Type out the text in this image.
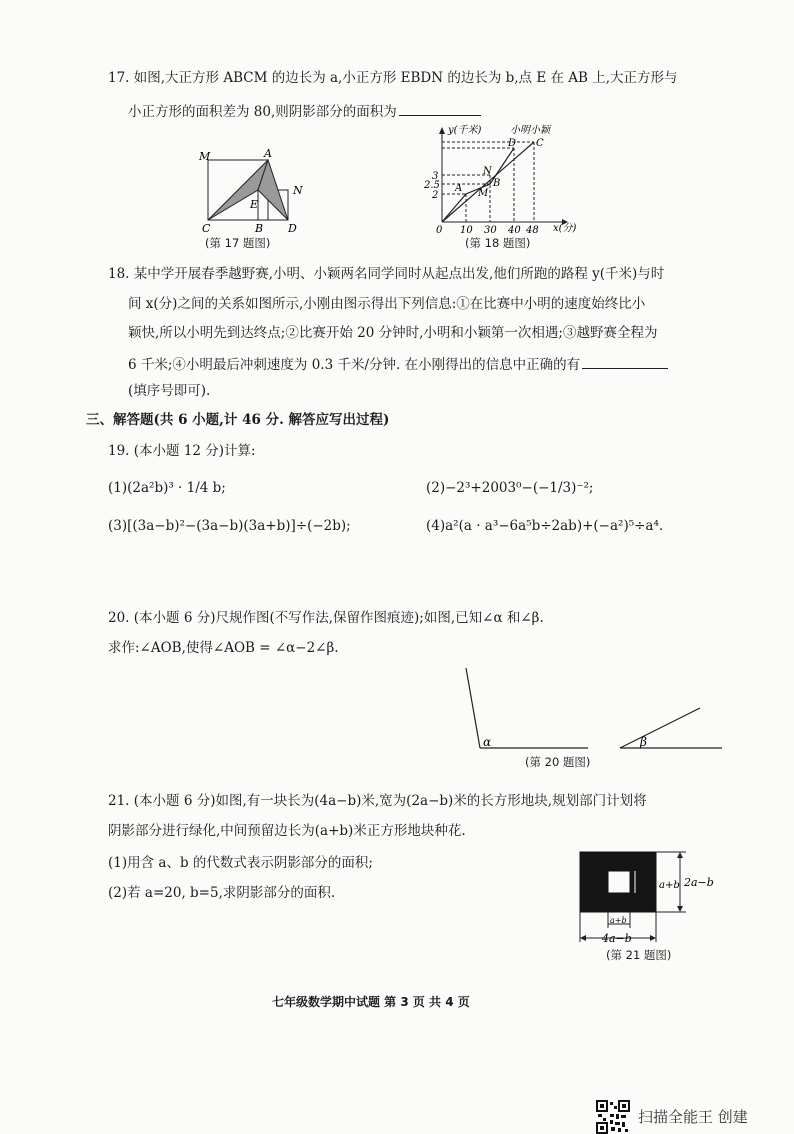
17. 如图,大正方形 ABCM 的边长为 a,小正方形 EBDN 的边长为 b,点 E 在 AB 上,大正方形与
小正方形的面积差为 80,则阴影部分的面积为
M	A
N
E
C	B D
(第 17 题图)
y(千米)	小明小颖
x(分)
0 10 30 40 48
3
2.5
2
A M
N
B
D C
(第 18 题图)
18. 某中学开展春季越野赛,小明、小颖两名同学同时从起点出发,他们所跑的路程 y(千米)与时
间 x(分)之间的关系如图所示,小刚由图示得出下列信息:①在比赛中小明的速度始终比小
颖快,所以小明先到达终点;②比赛开始 20 分钟时,小明和小颖第一次相遇;③越野赛全程为
6 千米;④小明最后冲刺速度为 0.3 千米/分钟. 在小刚得出的信息中正确的有
(填序号即可).
三、解答题(共 6 小题,计 46 分. 解答应写出过程)
19. (本小题 12 分)计算:
(1)(2a²b)³ · 1/4 b;	(2)−2³+2003⁰−(−1/3)⁻²;
(3)[(3a−b)²−(3a−b)(3a+b)]÷(−2b);	(4)a²(a · a³−6a⁵b÷2ab)+(−a²)⁵÷a⁴.
20. (本小题 6 分)尺规作图(不写作法,保留作图痕迹);如图,已知∠α 和∠β.
求作:∠AOB,使得∠AOB = ∠α−2∠β.
α	β
(第 20 题图)
21. (本小题 6 分)如图,有一块长为(4a−b)米,宽为(2a−b)米的长方形地块,规划部门计划将
阴影部分进行绿化,中间预留边长为(a+b)米正方形地块种花.
(1)用含 a、b 的代数式表示阴影部分的面积;
(2)若 a=20, b=5,求阴影部分的面积.	a+b 2a−b
a+b
4a−b
(第 21 题图)
七年级数学期中试题 第 3 页 共 4 页
扫描全能王 创建
